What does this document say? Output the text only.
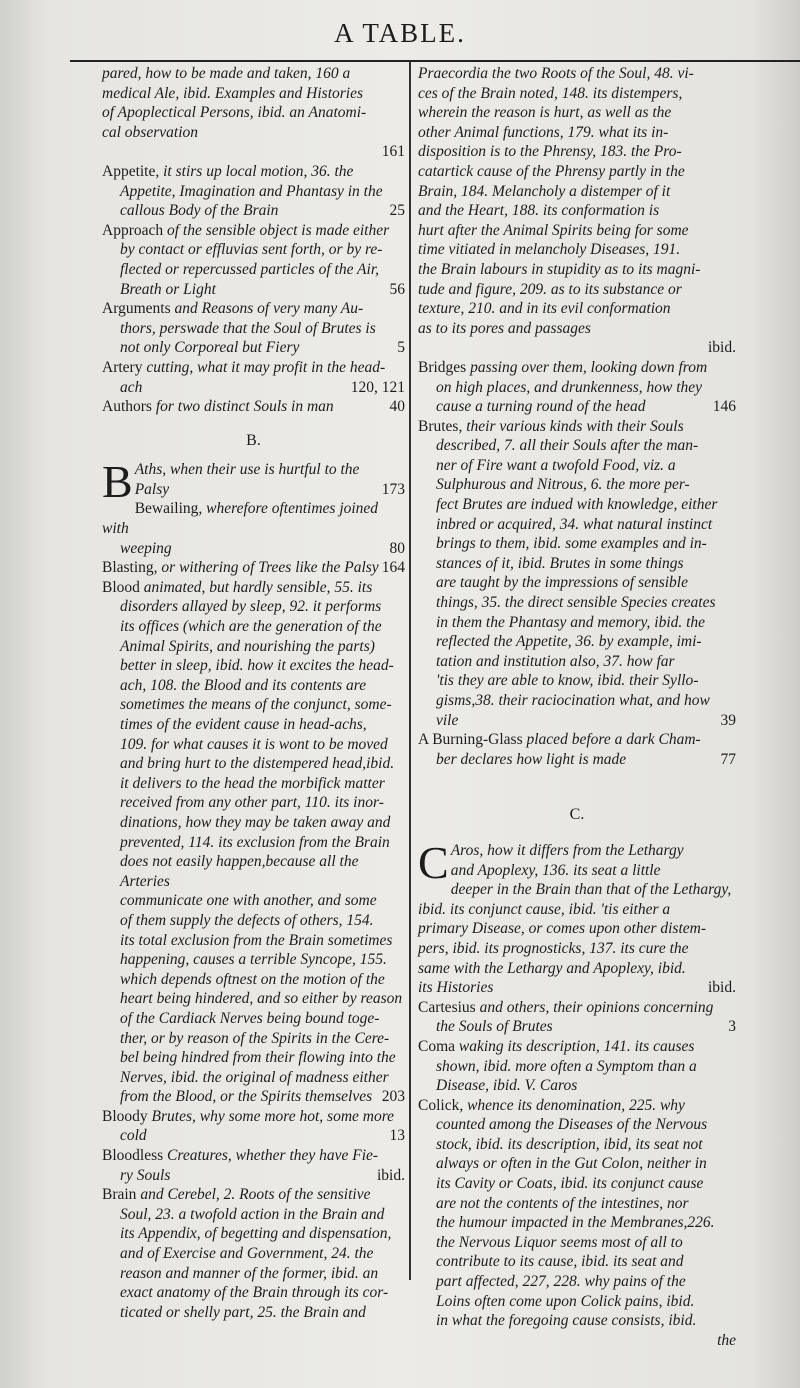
A TABLE.
pared, how to be made and taken, 160 a
medical Ale, ibid. Examples and Histories
of Apoplectical Persons, ibid. an Anatomi-
cal observation
161
Appetite, it stirs up local motion, 36. the
Appetite, Imagination and Phantasy in the
callous Body of the Brain	25
Approach of the sensible object is made either
by contact or effluvias sent forth, or by re-
flected or repercussed particles of the Air,
Breath or Light	56
Arguments and Reasons of very many Au-
thors, perswade that the Soul of Brutes is
not only Corporeal but Fiery	5
Artery cutting, what it may profit in the head-
ach	120, 121
Authors for two distinct Souls in man	40
B.
B Aths, when their use is hurtful to the
Palsy	173
Bewailing, wherefore oftentimes joined with
weeping	80
Blasting, or withering of Trees like the Palsy 164
Blood animated, but hardly sensible, 55. its
disorders allayed by sleep, 92. it performs
its offices (which are the generation of the
Animal Spirits, and nourishing the parts)
better in sleep, ibid. how it excites the head-
ach, 108. the Blood and its contents are
sometimes the means of the conjunct, some-
times of the evident cause in head-achs,
109. for what causes it is wont to be moved
and bring hurt to the distempered head,ibid.
it delivers to the head the morbifick matter
received from any other part, 110. its inor-
dinations, how they may be taken away and
prevented, 114. its exclusion from the Brain
does not easily happen,because all the Arteries
communicate one with another, and some
of them supply the defects of others, 154.
its total exclusion from the Brain sometimes
happening, causes a terrible Syncope, 155.
which depends oftnest on the motion of the
heart being hindered, and so either by reason
of the Cardiack Nerves being bound toge-
ther, or by reason of the Spirits in the Cere-
bel being hindred from their flowing into the
Nerves, ibid. the original of madness either
from the Blood, or the Spirits themselves 203
Bloody Brutes, why some more hot, some more
cold	13
Bloodless Creatures, whether they have Fie-
ry Souls	ibid.
Brain and Cerebel, 2. Roots of the sensitive
Soul, 23. a twofold action in the Brain and
its Appendix, of begetting and dispensation,
and of Exercise and Government, 24. the
reason and manner of the former, ibid. an
exact anatomy of the Brain through its cor-
ticated or shelly part, 25. the Brain and
Praecordia the two Roots of the Soul, 48. vi-
ces of the Brain noted, 148. its distempers,
wherein the reason is hurt, as well as the
other Animal functions, 179. what its in-
disposition is to the Phrensy, 183. the Pro-
catartick cause of the Phrensy partly in the
Brain, 184. Melancholy a distemper of it
and the Heart, 188. its conformation is
hurt after the Animal Spirits being for some
time vitiated in melancholy Diseases, 191.
the Brain labours in stupidity as to its magni-
tude and figure, 209. as to its substance or
texture, 210. and in its evil conformation
as to its pores and passages
ibid.
Bridges passing over them, looking down from
on high places, and drunkenness, how they
cause a turning round of the head	146
Brutes, their various kinds with their Souls
described, 7. all their Souls after the man-
ner of Fire want a twofold Food, viz. a
Sulphurous and Nitrous, 6. the more per-
fect Brutes are indued with knowledge, either
inbred or acquired, 34. what natural instinct
brings to them, ibid. some examples and in-
stances of it, ibid. Brutes in some things
are taught by the impressions of sensible
things, 35. the direct sensible Species creates
in them the Phantasy and memory, ibid. the
reflected the Appetite, 36. by example, imi-
tation and institution also, 37. how far
'tis they are able to know, ibid. their Syllo-
gisms,38. their raciocination what, and how
vile	39
A Burning-Glass placed before a dark Cham-
ber declares how light is made	77
C.
C Aros, how it differs from the Lethargy
and Apoplexy, 136. its seat a little
deeper in the Brain than that of the Lethargy,
ibid. its conjunct cause, ibid. 'tis either a
primary Disease, or comes upon other distem-
pers, ibid. its prognosticks, 137. its cure the
same with the Lethargy and Apoplexy, ibid.
its Histories	ibid.
Cartesius and others, their opinions concerning
the Souls of Brutes	3
Coma waking its description, 141. its causes
shown, ibid. more often a Symptom than a
Disease, ibid. V. Caros
Colick, whence its denomination, 225. why
counted among the Diseases of the Nervous
stock, ibid. its description, ibid, its seat not
always or often in the Gut Colon, neither in
its Cavity or Coats, ibid. its conjunct cause
are not the contents of the intestines, nor
the humour impacted in the Membranes,226.
the Nervous Liquor seems most of all to
contribute to its cause, ibid. its seat and
part affected, 227, 228. why pains of the
Loins often come upon Colick pains, ibid.
in what the foregoing cause consists, ibid.
the
